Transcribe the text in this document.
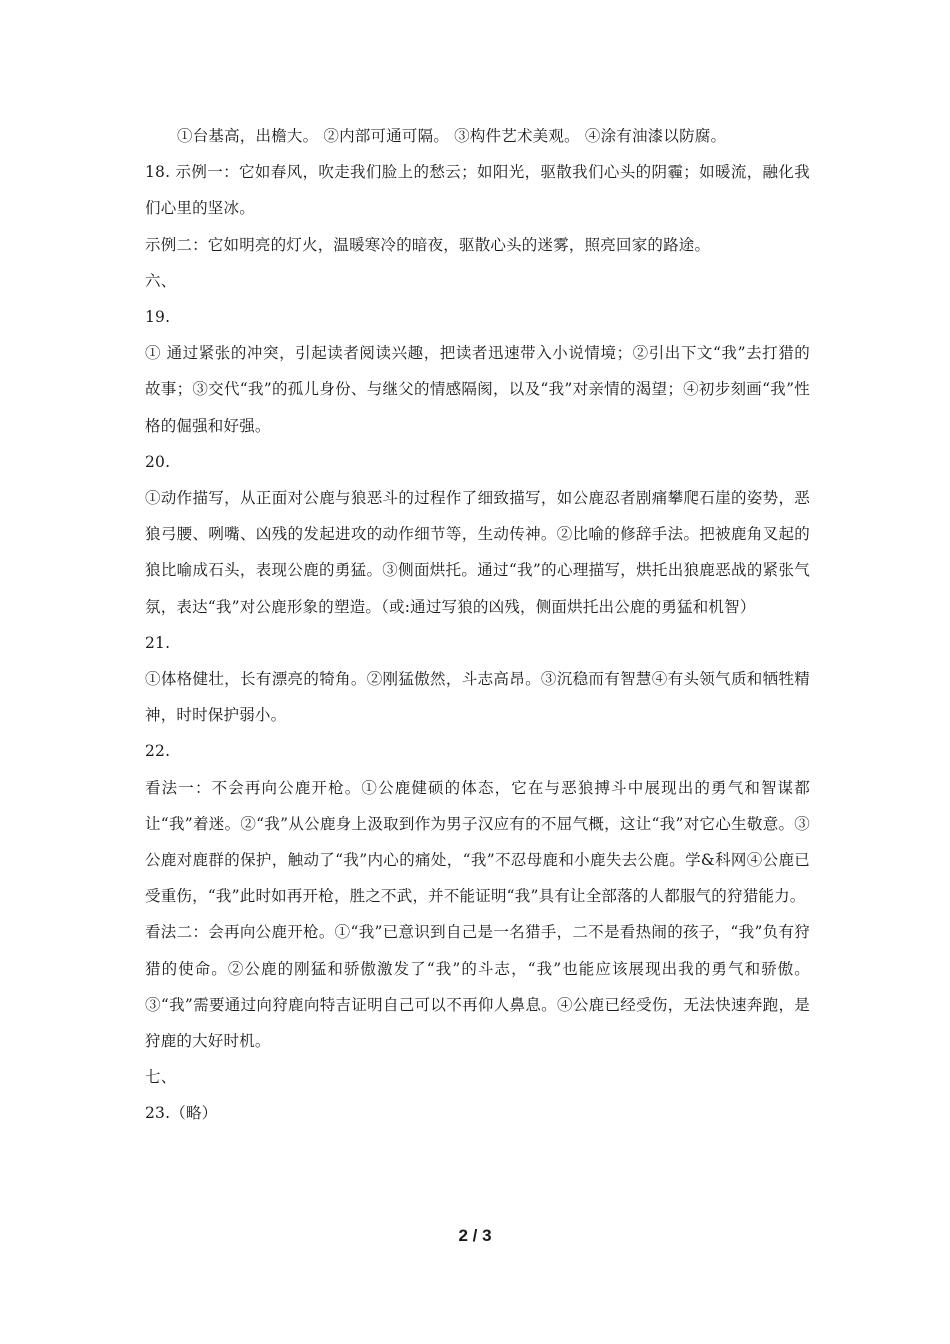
①台基高，出檐大。 ②内部可通可隔。 ③构件艺术美观。 ④涂有油漆以防腐。
18. 示例一：它如春风，吹走我们脸上的愁云；如阳光，驱散我们心头的阴霾；如暖流，融化我们心里的坚冰。
示例二：它如明亮的灯火，温暖寒冷的暗夜，驱散心头的迷雾，照亮回家的路途。
六、
19.
① 通过紧张的冲突，引起读者阅读兴趣，把读者迅速带入小说情境；②引出下文“我”去打猎的故事；③交代“我”的孤儿身份、与继父的情感隔阂，以及“我”对亲情的渴望；④初步刻画“我”性格的倔强和好强。
20.
①动作描写，从正面对公鹿与狼恶斗的过程作了细致描写，如公鹿忍者剧痛攀爬石崖的姿势，恶狼弓腰、咧嘴、凶残的发起进攻的动作细节等，生动传神。②比喻的修辞手法。把被鹿角叉起的狼比喻成石头，表现公鹿的勇猛。③侧面烘托。通过“我”的心理描写，烘托出狼鹿恶战的紧张气氛，表达“我”对公鹿形象的塑造。（或:通过写狼的凶残，侧面烘托出公鹿的勇猛和机智）
21.
①体格健壮，长有漂亮的犄角。②刚猛傲然，斗志高昂。③沉稳而有智慧④有头领气质和牺牲精神，时时保护弱小。
22.
看法一：不会再向公鹿开枪。①公鹿健硕的体态，它在与恶狼搏斗中展现出的勇气和智谋都让“我”着迷。②“我”从公鹿身上汲取到作为男子汉应有的不屈气概，这让“我”对它心生敬意。③公鹿对鹿群的保护，触动了“我”内心的痛处，“我”不忍母鹿和小鹿失去公鹿。学&科网④公鹿已受重伤，“我”此时如再开枪，胜之不武，并不能证明“我”具有让全部落的人都服气的狩猎能力。
看法二：会再向公鹿开枪。①“我”已意识到自己是一名猎手，二不是看热闹的孩子，“我”负有狩猎的使命。②公鹿的刚猛和骄傲激发了“我”的斗志，“我”也能应该展现出我的勇气和骄傲。③“我”需要通过向狩鹿向特吉证明自己可以不再仰人鼻息。④公鹿已经受伤，无法快速奔跑，是狩鹿的大好时机。
七、
23.（略）
2 / 3
